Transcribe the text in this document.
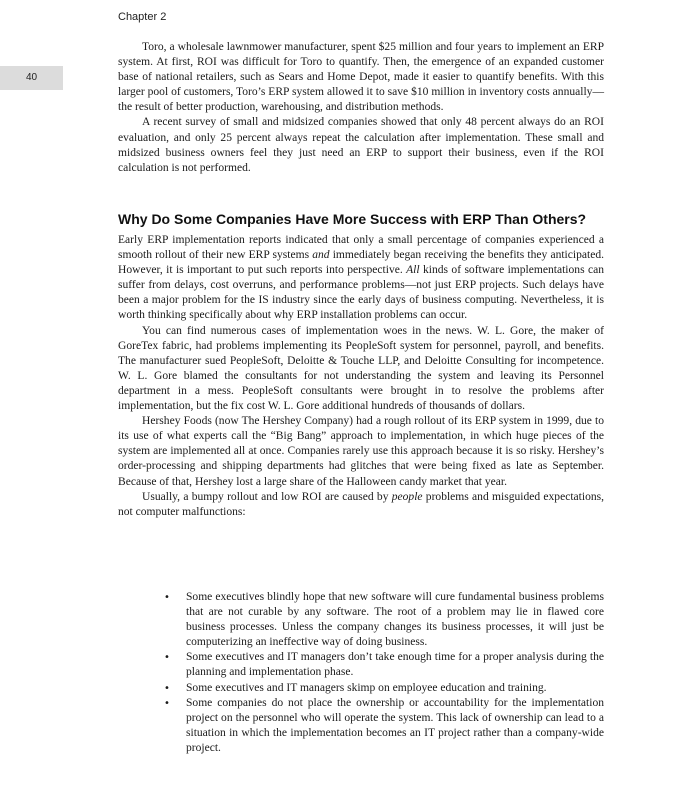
Chapter 2
40

Toro, a wholesale lawnmower manufacturer, spent $25 million and four years to implement an ERP system. At first, ROI was difficult for Toro to quantify. Then, the emergence of an expanded customer base of national retailers, such as Sears and Home Depot, made it easier to quantify benefits. With this larger pool of customers, Toro’s ERP system allowed it to save $10 million in inventory costs annually—the result of better production, warehousing, and distribution methods.

A recent survey of small and midsized companies showed that only 48 percent always do an ROI evaluation, and only 25 percent always repeat the calculation after implementation. These small and midsized business owners feel they just need an ERP to support their business, even if the ROI calculation is not performed.

Why Do Some Companies Have More Success with ERP Than Others?

Early ERP implementation reports indicated that only a small percentage of companies experienced a smooth rollout of their new ERP systems and immediately began receiving the benefits they anticipated. However, it is important to put such reports into perspective. All kinds of software implementations can suffer from delays, cost overruns, and performance problems—not just ERP projects. Such delays have been a major problem for the IS industry since the early days of business computing. Nevertheless, it is worth thinking specifically about why ERP installation problems can occur.

You can find numerous cases of implementation woes in the news. W. L. Gore, the maker of GoreTex fabric, had problems implementing its PeopleSoft system for personnel, payroll, and benefits. The manufacturer sued PeopleSoft, Deloitte & Touche LLP, and Deloitte Consulting for incompetence. W. L. Gore blamed the consultants for not understanding the system and leaving its Personnel department in a mess. PeopleSoft consultants were brought in to resolve the problems after implementation, but the fix cost W. L. Gore additional hundreds of thousands of dollars.

Hershey Foods (now The Hershey Company) had a rough rollout of its ERP system in 1999, due to its use of what experts call the “Big Bang” approach to implementation, in which huge pieces of the system are implemented all at once. Companies rarely use this approach because it is so risky. Hershey’s order-processing and shipping departments had glitches that were being fixed as late as September. Because of that, Hershey lost a large share of the Halloween candy market that year.

Usually, a bumpy rollout and low ROI are caused by people problems and misguided expectations, not computer malfunctions:

• Some executives blindly hope that new software will cure fundamental business problems that are not curable by any software. The root of a problem may lie in flawed core business processes. Unless the company changes its business processes, it will just be computerizing an ineffective way of doing business.
• Some executives and IT managers don’t take enough time for a proper analysis during the planning and implementation phase.
• Some executives and IT managers skimp on employee education and training.
• Some companies do not place the ownership or accountability for the implementation project on the personnel who will operate the system. This lack of ownership can lead to a situation in which the implementation becomes an IT project rather than a company-wide project.
